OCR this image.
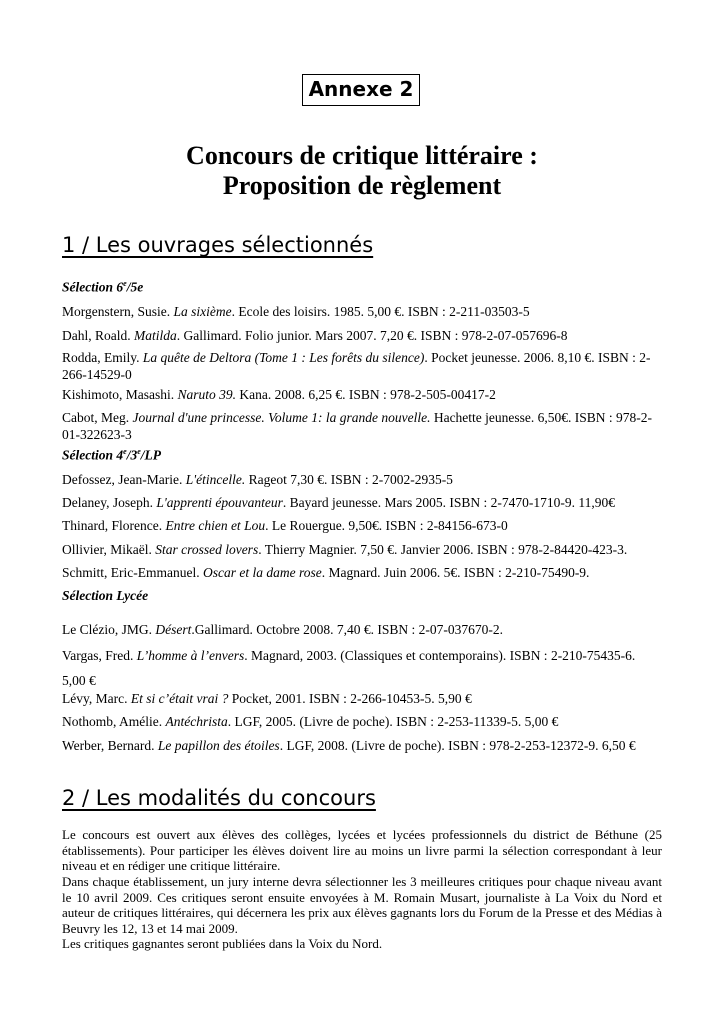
Annexe 2
Concours de critique littéraire :
Proposition de règlement
1 / Les ouvrages sélectionnés
Sélection 6e/5e
Morgenstern, Susie. La sixième. Ecole des loisirs. 1985. 5,00 €. ISBN : 2-211-03503-5
Dahl, Roald. Matilda. Gallimard. Folio junior. Mars 2007. 7,20 €. ISBN : 978-2-07-057696-8
Rodda, Emily. La quête de Deltora (Tome 1 : Les forêts du silence). Pocket jeunesse. 2006. 8,10 €. ISBN : 2-266-14529-0
Kishimoto, Masashi. Naruto 39. Kana. 2008. 6,25 €. ISBN : 978-2-505-00417-2
Cabot, Meg. Journal d'une princesse. Volume 1: la grande nouvelle. Hachette jeunesse. 6,50€. ISBN : 978-2-01-322623-3
Sélection 4e/3e/LP
Defossez, Jean-Marie. L'étincelle. Rageot 7,30 €. ISBN : 2-7002-2935-5
Delaney, Joseph. L'apprenti épouvanteur. Bayard jeunesse. Mars 2005. ISBN : 2-7470-1710-9. 11,90€
Thinard, Florence. Entre chien et Lou. Le Rouergue. 9,50€. ISBN : 2-84156-673-0
Ollivier, Mikaël. Star crossed lovers. Thierry Magnier. 7,50 €. Janvier 2006. ISBN : 978-2-84420-423-3.
Schmitt, Eric-Emmanuel. Oscar et la dame rose. Magnard. Juin 2006. 5€. ISBN : 2-210-75490-9.
Sélection Lycée
Le Clézio, JMG. Désert.Gallimard. Octobre 2008. 7,40 €. ISBN : 2-07-037670-2.
Vargas, Fred. L’homme à l’envers. Magnard, 2003. (Classiques et contemporains). ISBN : 2-210-75435-6. 5,00 €
Lévy, Marc. Et si c’était vrai ? Pocket, 2001. ISBN : 2-266-10453-5. 5,90 €
Nothomb, Amélie. Antéchrista. LGF, 2005. (Livre de poche). ISBN : 2-253-11339-5. 5,00 €
Werber, Bernard. Le papillon des étoiles. LGF, 2008. (Livre de poche). ISBN : 978-2-253-12372-9. 6,50 €
2 / Les modalités du concours
Le concours est ouvert aux élèves des collèges, lycées et lycées professionnels du district de Béthune (25 établissements). Pour participer les élèves doivent lire au moins un livre parmi la sélection correspondant à leur niveau et en rédiger une critique littéraire.
Dans chaque établissement, un jury interne devra sélectionner les 3 meilleures critiques pour chaque niveau avant le 10 avril 2009. Ces critiques seront ensuite envoyées à M. Romain Musart, journaliste à La Voix du Nord et auteur de critiques littéraires, qui décernera les prix aux élèves gagnants lors du Forum de la Presse et des Médias à Beuvry les 12, 13 et 14 mai 2009.
Les critiques gagnantes seront publiées dans la Voix du Nord.
